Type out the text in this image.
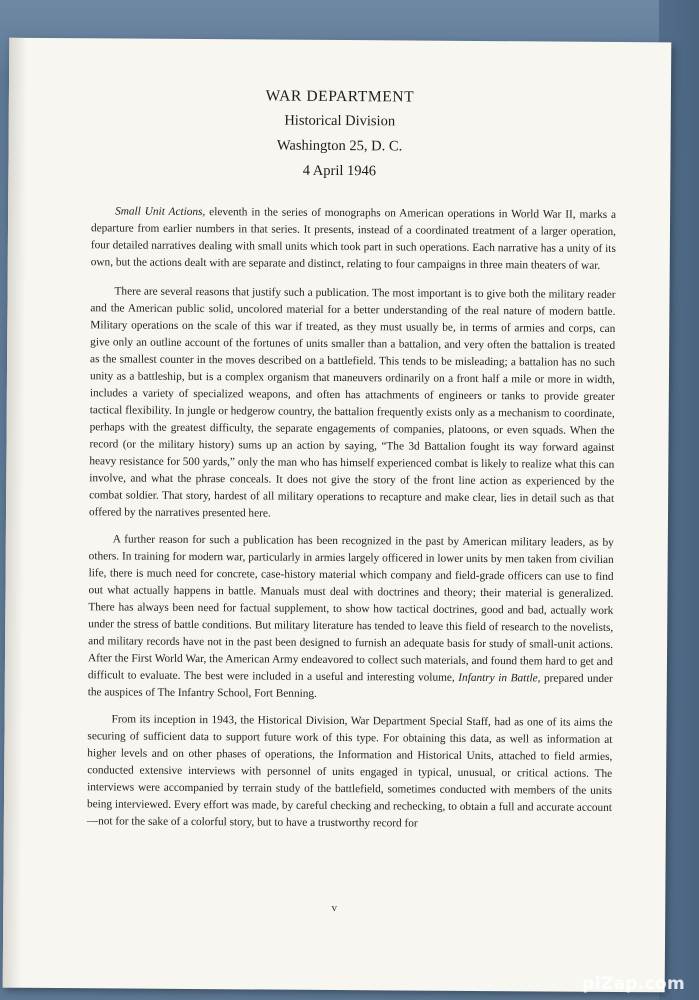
WAR DEPARTMENT
Historical Division
Washington 25, D. C.
4 April 1946

Small Unit Actions, eleventh in the series of monographs on American operations in World War II, marks a departure from earlier numbers in that series. It presents, instead of a coordinated treatment of a larger operation, four detailed narratives dealing with small units which took part in such operations. Each narrative has a unity of its own, but the actions dealt with are separate and distinct, relating to four campaigns in three main theaters of war.

There are several reasons that justify such a publication. The most important is to give both the military reader and the American public solid, uncolored material for a better understanding of the real nature of modern battle. Military operations on the scale of this war if treated, as they must usually be, in terms of armies and corps, can give only an outline account of the fortunes of units smaller than a battalion, and very often the battalion is treated as the smallest counter in the moves described on a battlefield. This tends to be misleading; a battalion has no such unity as a battleship, but is a complex organism that maneuvers ordinarily on a front half a mile or more in width, includes a variety of specialized weapons, and often has attachments of engineers or tanks to provide greater tactical flexibility. In jungle or hedgerow country, the battalion frequently exists only as a mechanism to coordinate, perhaps with the greatest difficulty, the separate engagements of companies, platoons, or even squads. When the record (or the military history) sums up an action by saying, “The 3d Battalion fought its way forward against heavy resistance for 500 yards,” only the man who has himself experienced combat is likely to realize what this can involve, and what the phrase conceals. It does not give the story of the front line action as experienced by the combat soldier. That story, hardest of all military operations to recapture and make clear, lies in detail such as that offered by the narratives presented here.

A further reason for such a publication has been recognized in the past by American military leaders, as by others. In training for modern war, particularly in armies largely officered in lower units by men taken from civilian life, there is much need for concrete, case-history material which company and field-grade officers can use to find out what actually happens in battle. Manuals must deal with doctrines and theory; their material is generalized. There has always been need for factual supplement, to show how tactical doctrines, good and bad, actually work under the stress of battle conditions. But military literature has tended to leave this field of research to the novelists, and military records have not in the past been designed to furnish an adequate basis for study of small-unit actions. After the First World War, the American Army endeavored to collect such materials, and found them hard to get and difficult to evaluate. The best were included in a useful and interesting volume, Infantry in Battle, prepared under the auspices of The Infantry School, Fort Benning.

From its inception in 1943, the Historical Division, War Department Special Staff, had as one of its aims the securing of sufficient data to support future work of this type. For obtaining this data, as well as information at higher levels and on other phases of operations, the Information and Historical Units, attached to field armies, conducted extensive interviews with personnel of units engaged in typical, unusual, or critical actions. The interviews were accompanied by terrain study of the battlefield, sometimes conducted with members of the units being interviewed. Every effort was made, by careful checking and rechecking, to obtain a full and accurate account—not for the sake of a colorful story, but to have a trustworthy record for

v
piZap.com
